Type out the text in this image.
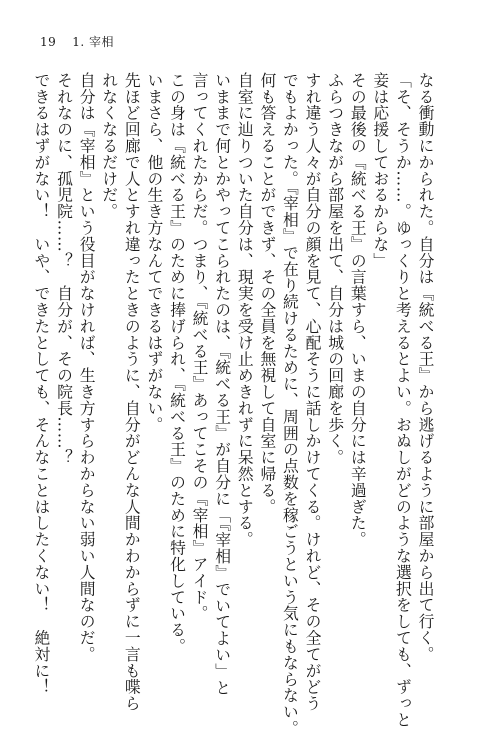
19 1. 宰相
なる衝動にかられた。自分は『統べる王』から逃げるように部屋から出て行く。
「そ、そうか……。ゆっくりと考えるとよい。おぬしがどのような選択をしても、ずっと
妾は応援しておるからな」
その最後の『統べる王』の言葉すら、いまの自分には辛過ぎた。
ふらつきながら部屋を出て、自分は城の回廊を歩く。
すれ違う人々が自分の顔を見て、心配そうに話しかけてくる。けれど、その全てがどう
でもよかった。『宰相』で在り続けるために、周囲の点数を稼ごうという気にもならない。
何も答えることができず、その全員を無視して自室に帰る。
自室に辿りついた自分は、現実を受け止めきれずに呆然とする。
いままで何とかやってこられたのは、『統べる王』が自分に「『宰相』でいてよい」と
言ってくれたからだ。つまり、『統べる王』あってこその『宰相』アイド。
この身は『統べる王』のために捧げられ、『統べる王』のために特化している。
いまさら、他の生き方なんてできるはずがない。
先ほど回廊で人とすれ違ったときのように、自分がどんな人間かわからずに一言も喋ら
れなくなるだけだ。
自分は『宰相』という役目がなければ、生き方すらわからない弱い人間なのだ。
それなのに、孤児院……？　自分が、その院長……？
できるはずがない！　いや、できたとしても、そんなことはしたくない！　絶対に！
